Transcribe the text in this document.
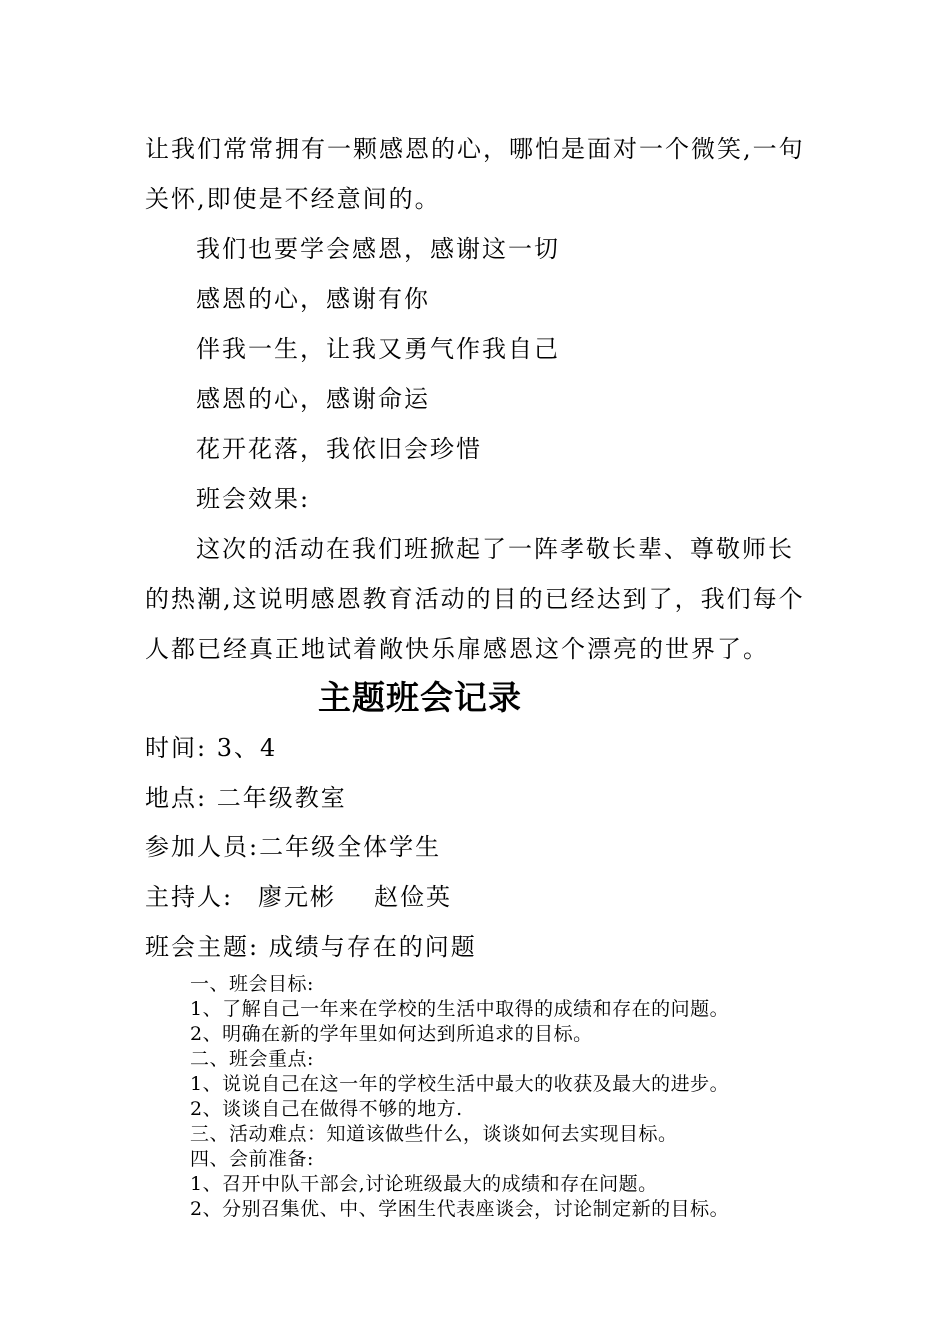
让我们常常拥有一颗感恩的心，哪怕是面对一个微笑,一句
关怀,即使是不经意间的。
我们也要学会感恩，感谢这一切
感恩的心，感谢有你
伴我一生，让我又勇气作我自己
感恩的心，感谢命运
花开花落，我依旧会珍惜
班会效果:
这次的活动在我们班掀起了一阵孝敬长辈、尊敬师长
的热潮,这说明感恩教育活动的目的已经达到了，我们每个
人都已经真正地试着敞快乐扉感恩这个漂亮的世界了。
主题班会记录
时间: 3、4
地点: 二年级教室
参加人员:二年级全体学生
主持人: 廖元彬 赵俭英
班会主题: 成绩与存在的问题
一、班会目标:
1、了解自己一年来在学校的生活中取得的成绩和存在的问题。
2、明确在新的学年里如何达到所追求的目标。
二、班会重点:
1、说说自己在这一年的学校生活中最大的收获及最大的进步。
2、谈谈自己在做得不够的地方.
三、活动难点：知道该做些什么，谈谈如何去实现目标。
四、会前准备:
1、召开中队干部会,讨论班级最大的成绩和存在问题。
2、分别召集优、中、学困生代表座谈会，讨论制定新的目标。
